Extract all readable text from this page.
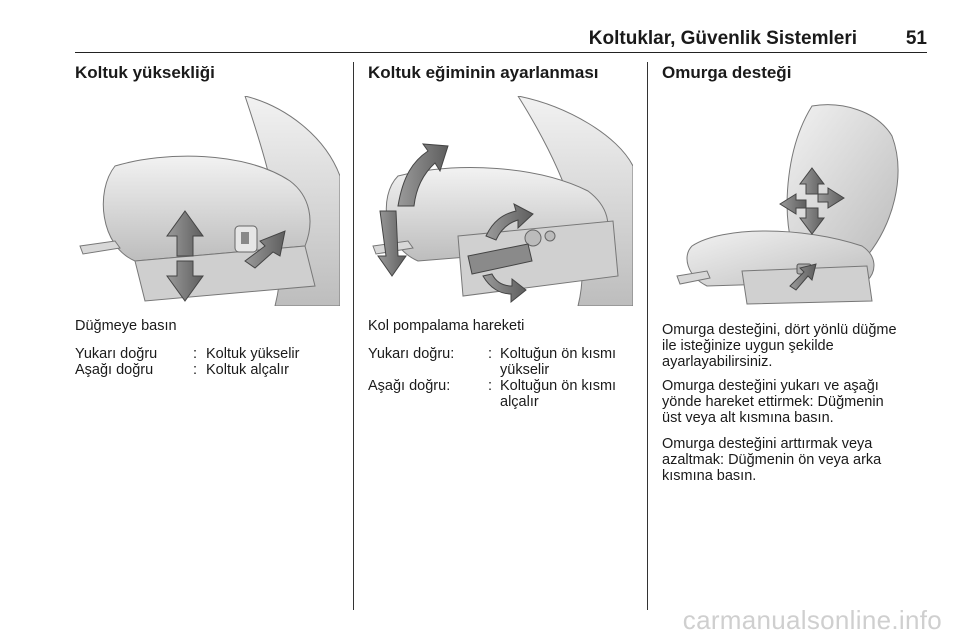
Koltuklar, Güvenlik Sistemleri	51
Koltuk yüksekliği
Düğmeye basın
Yukarı doğru : Koltuk yükselir
Aşağı doğru	: Koltuk alçalır
Koltuk eğiminin ayarlanması
Kol pompalama hareketi
Yukarı doğru: : Koltuğun ön kısmı
yükselir
Aşağı doğru:	: Koltuğun ön kısmı
alçalır
Omurga desteği
Omurga desteğini, dört yönlü düğme
ile isteğinize uygun şekilde
ayarlayabilirsiniz.
Omurga desteğini yukarı ve aşağı
yönde hareket ettirmek: Düğmenin
üst veya alt kısmına basın.
Omurga desteğini arttırmak veya
azaltmak: Düğmenin ön veya arka
kısmına basın.
carmanualsonline.info
